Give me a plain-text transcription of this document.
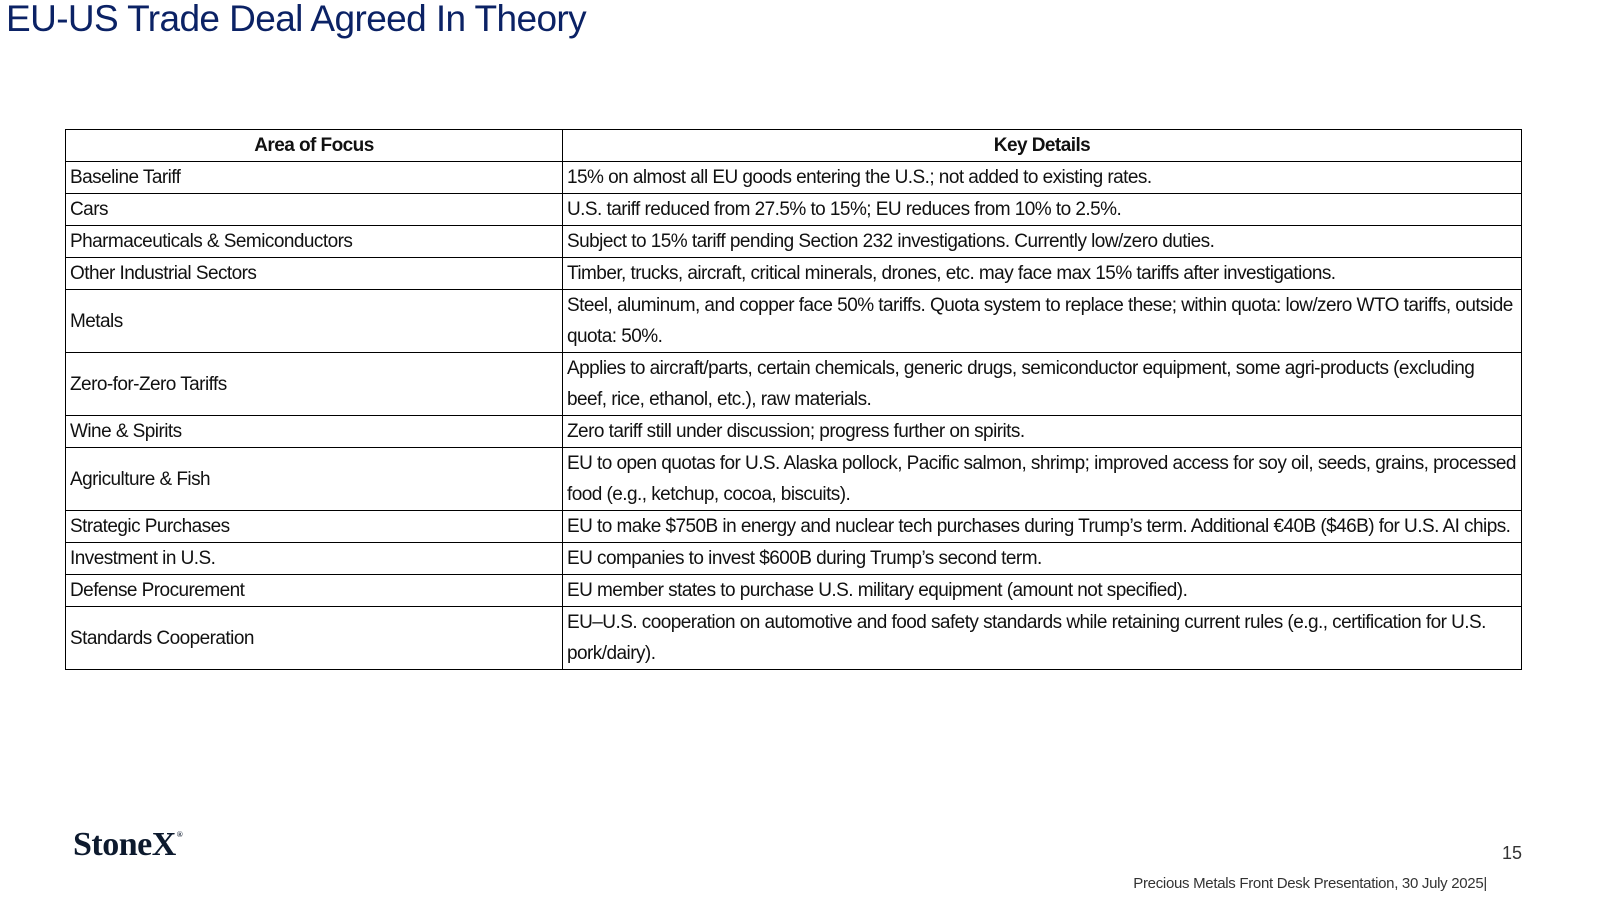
EU-US Trade Deal Agreed In Theory
Area of Focus	Key Details
Baseline Tariff	15% on almost all EU goods entering the U.S.; not added to existing rates.
Cars	U.S. tariff reduced from 27.5% to 15%; EU reduces from 10% to 2.5%.
Pharmaceuticals & Semiconductors	Subject to 15% tariff pending Section 232 investigations. Currently low/zero duties.
Other Industrial Sectors	Timber, trucks, aircraft, critical minerals, drones, etc. may face max 15% tariffs after investigations.
Metals	Steel, aluminum, and copper face 50% tariffs. Quota system to replace these; within quota: low/zero WTO tariffs, outside quota: 50%.
Zero-for-Zero Tariffs	Applies to aircraft/parts, certain chemicals, generic drugs, semiconductor equipment, some agri-products (excluding beef, rice, ethanol, etc.), raw materials.
Wine & Spirits	Zero tariff still under discussion; progress further on spirits.
Agriculture & Fish	EU to open quotas for U.S. Alaska pollock, Pacific salmon, shrimp; improved access for soy oil, seeds, grains, processed food (e.g., ketchup, cocoa, biscuits).
Strategic Purchases	EU to make $750B in energy and nuclear tech purchases during Trump’s term. Additional €40B ($46B) for U.S. AI chips.
Investment in U.S.	EU companies to invest $600B during Trump’s second term.
Defense Procurement	EU member states to purchase U.S. military equipment (amount not specified).
Standards Cooperation	EU–U.S. cooperation on automotive and food safety standards while retaining current rules (e.g., certification for U.S. pork/dairy).
StoneX®
15
Precious Metals Front Desk Presentation, 30 July 2025|
